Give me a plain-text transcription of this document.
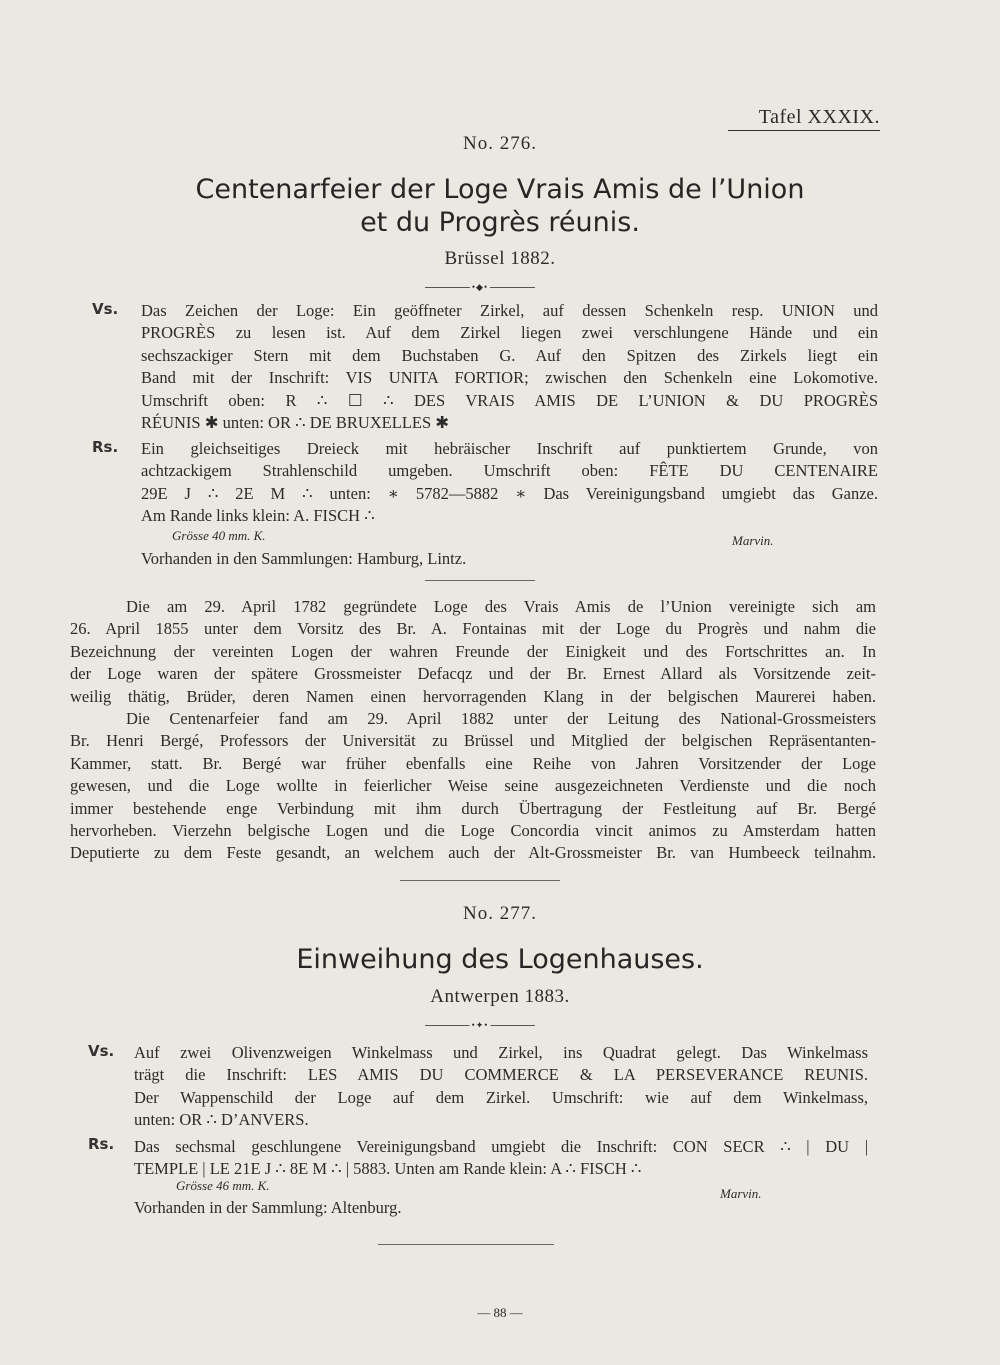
Tafel XXXIX.
No. 276.
Centenarfeier der Loge Vrais Amis de l’Union
et du Progrès réunis.
Brüssel 1882.
•◆•
Vs. Das Zeichen der Loge: Ein geöffneter Zirkel, auf dessen Schenkeln resp. UNION und
PROGRÈS zu lesen ist. Auf dem Zirkel liegen zwei verschlungene Hände und ein
sechszackiger Stern mit dem Buchstaben G. Auf den Spitzen des Zirkels liegt ein
Band mit der Inschrift: VIS UNITA FORTIOR; zwischen den Schenkeln eine Lokomotive.
Umschrift oben: R ∴ ☐ ∴ DES VRAIS AMIS DE L’UNION & DU PROGRÈS
RÉUNIS ✱ unten: OR ∴ DE BRUXELLES ✱
Rs. Ein gleichseitiges Dreieck mit hebräischer Inschrift auf punktiertem Grunde, von
achtzackigem Strahlenschild umgeben. Umschrift oben: FÊTE DU CENTENAIRE
29E J ∴ 2E M ∴ unten: ∗ 5782—5882 ∗ Das Vereinigungsband umgiebt das Ganze.
Am Rande links klein: A. FISCH ∴
Grösse 40 mm. K.	Marvin.
Vorhanden in den Sammlungen: Hamburg, Lintz.
Die am 29. April 1782 gegründete Loge des Vrais Amis de l’Union vereinigte sich am
26. April 1855 unter dem Vorsitz des Br. A. Fontainas mit der Loge du Progrès und nahm die
Bezeichnung der vereinten Logen der wahren Freunde der Einigkeit und des Fortschrittes an. In
der Loge waren der spätere Grossmeister Defacqz und der Br. Ernest Allard als Vorsitzende zeit-
weilig thätig, Brüder, deren Namen einen hervorragenden Klang in der belgischen Maurerei haben.
Die Centenarfeier fand am 29. April 1882 unter der Leitung des National-Grossmeisters
Br. Henri Bergé, Professors der Universität zu Brüssel und Mitglied der belgischen Repräsentanten-
Kammer, statt. Br. Bergé war früher ebenfalls eine Reihe von Jahren Vorsitzender der Loge
gewesen, und die Loge wollte in feierlicher Weise seine ausgezeichneten Verdienste und die noch
immer bestehende enge Verbindung mit ihm durch Übertragung der Festleitung auf Br. Bergé
hervorheben. Vierzehn belgische Logen und die Loge Concordia vincit animos zu Amsterdam hatten
Deputierte zu dem Feste gesandt, an welchem auch der Alt-Grossmeister Br. van Humbeeck teilnahm.
No. 277.
Einweihung des Logenhauses.
Antwerpen 1883.
•✦•
Vs. Auf zwei Olivenzweigen Winkelmass und Zirkel, ins Quadrat gelegt. Das Winkelmass
trägt die Inschrift: LES AMIS DU COMMERCE & LA PERSEVERANCE REUNIS.
Der Wappenschild der Loge auf dem Zirkel. Umschrift: wie auf dem Winkelmass,
unten: OR ∴ D’ANVERS.
Rs. Das sechsmal geschlungene Vereinigungsband umgiebt die Inschrift: CON SECR ∴ | DU |
TEMPLE | LE 21E J ∴ 8E M ∴ | 5883. Unten am Rande klein: A ∴ FISCH ∴
Grösse 46 mm. K.
Marvin.
Vorhanden in der Sammlung: Altenburg.
— 88 —
